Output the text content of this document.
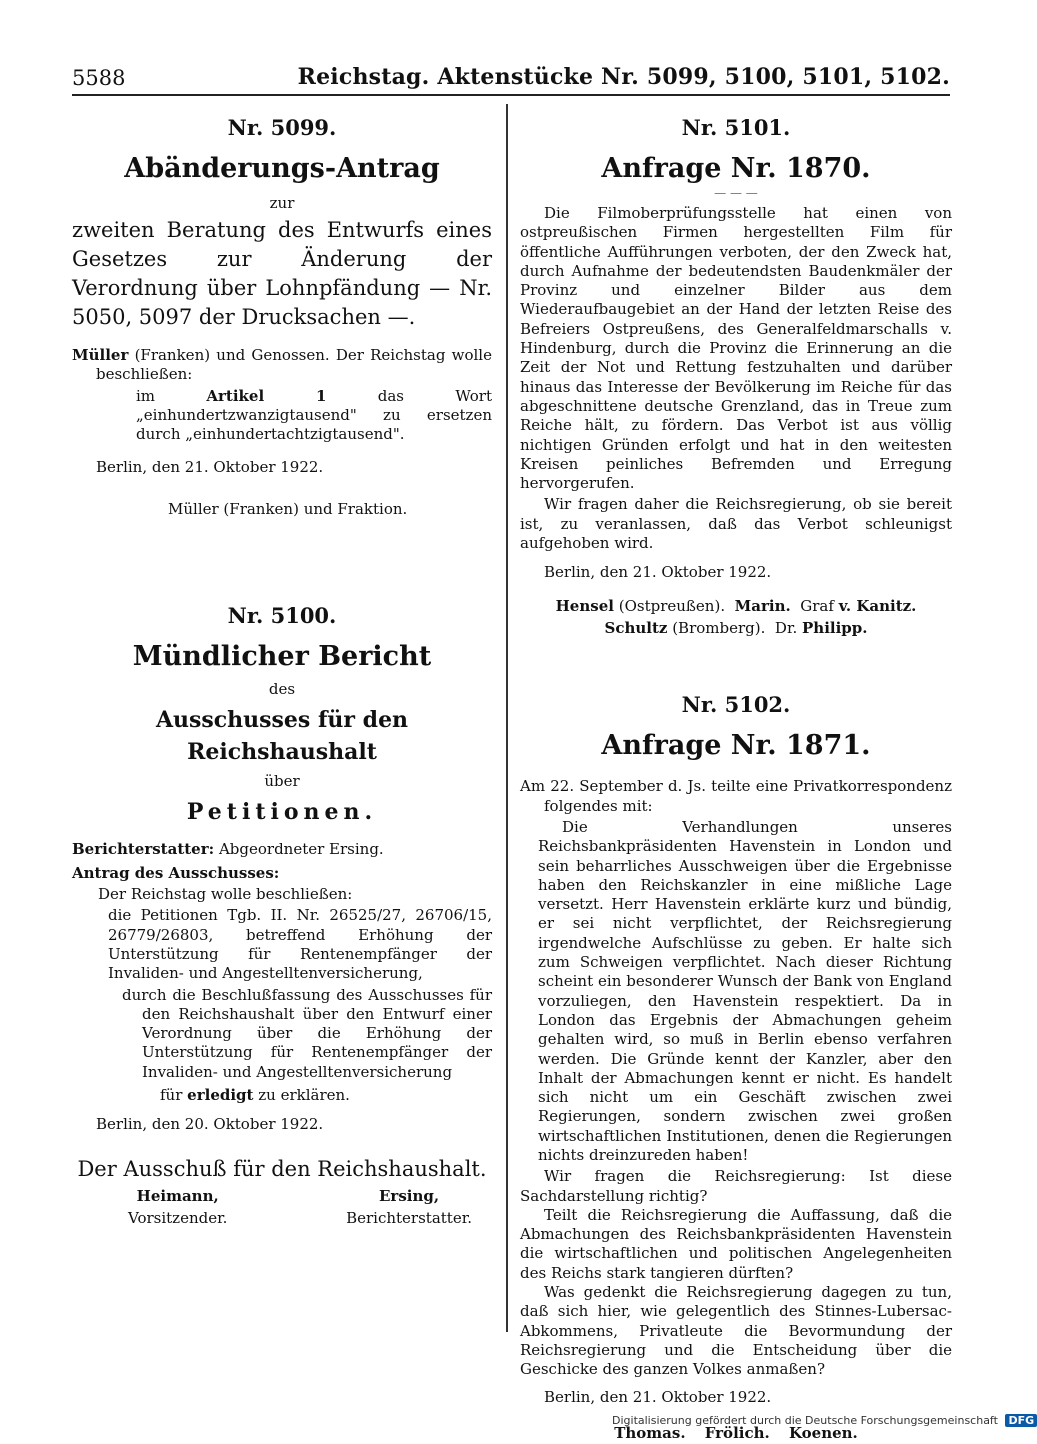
5588	Reichstag. Aktenstücke Nr. 5099, 5100, 5101, 5102.
Nr. 5099.
Abänderungs-Antrag
zur
zweiten Beratung des Entwurfs eines Gesetzes zur Änderung der Verordnung über Lohnpfändung — Nr. 5050, 5097 der Drucksachen —.

Müller (Franken) und Genossen. Der Reichstag wolle beschließen:

im	Artikel 1	das Wort „einhundertzwanzigtausend" zu ersetzen durch „einhundertachtzigtausend".

Berlin, den 21. Oktober 1922.
Müller (Franken) und Fraktion.
Nr. 5100.
Mündlicher Bericht
des
Ausschusses für den Reichshaushalt
über
Petitionen.

Berichterstatter: Abgeordneter Ersing.

Antrag des Ausschusses:

Der Reichstag wolle beschließen:

die Petitionen Tgb. II. Nr. 26525/27, 26706/15, 26779/26803, betreffend Erhöhung der Unterstützung für Rentenempfänger der Invaliden- und Angestelltenversicherung,

durch die Beschlußfassung des Ausschusses für den Reichshaushalt über den Entwurf einer Verordnung über die Erhöhung der Unterstützung für Rentenempfänger der Invaliden- und Angestelltenversicherung

für erledigt zu erklären.

Berlin, den 20. Oktober 1922.
Der Ausschuß für den Reichshaushalt.
Heimann,
Vorsitzender.
Ersing,
Berichterstatter.
Nr. 5101.
Anfrage Nr. 1870.
— — —

Die Filmoberprüfungsstelle hat einen von ostpreußischen Firmen hergestellten Film für öffentliche Aufführungen verboten, der den Zweck hat, durch Aufnahme der bedeutendsten Baudenkmäler der Provinz und einzelner Bilder aus dem Wiederaufbaugebiet an der Hand der letzten Reise des Befreiers Ostpreußens, des Generalfeldmarschalls v. Hindenburg, durch die Provinz die Erinnerung an die Zeit der Not und Rettung festzuhalten und darüber hinaus das Interesse der Bevölkerung im Reiche für das abgeschnittene deutsche Grenzland, das in Treue zum Reiche hält, zu fördern. Das Verbot ist aus völlig nichtigen Gründen erfolgt und hat in den weitesten Kreisen peinliches Befremden und Erregung hervorgerufen.

Wir fragen daher die Reichsregierung, ob sie bereit ist, zu veranlassen, daß das Verbot schleunigst aufgehoben wird.

Berlin, den 21. Oktober 1922.
Hensel (Ostpreußen). Marin. Graf v. Kanitz.
Schultz (Bromberg). Dr. Philipp.
Nr. 5102.
Anfrage Nr. 1871.

Am 22. September d. Js. teilte eine Privatkorrespondenz folgendes mit:

Die Verhandlungen unseres Reichsbankpräsidenten Havenstein in London und sein beharrliches Ausschweigen über die Ergebnisse haben den Reichskanzler in eine mißliche Lage versetzt. Herr Havenstein erklärte kurz und bündig, er sei nicht verpflichtet, der Reichsregierung irgendwelche Aufschlüsse zu geben. Er halte sich zum Schweigen verpflichtet. Nach dieser Richtung scheint ein besonderer Wunsch der Bank von England vorzuliegen, den Havenstein respektiert. Da in London das Ergebnis der Abmachungen geheim gehalten wird, so muß in Berlin ebenso verfahren werden. Die Gründe kennt der Kanzler, aber den Inhalt der Abmachungen kennt er nicht. Es handelt sich nicht um ein Geschäft zwischen zwei Regierungen, sondern zwischen zwei großen wirtschaftlichen Institutionen, denen die Regierungen nichts dreinzureden haben!

Wir fragen die Reichsregierung: Ist diese Sachdarstellung richtig?

Teilt die Reichsregierung die Auffassung, daß die Abmachungen des Reichsbankpräsidenten Havenstein die wirtschaftlichen und politischen Angelegenheiten des Reichs stark tangieren dürften?

Was gedenkt die Reichsregierung dagegen zu tun, daß sich hier, wie gelegentlich des Stinnes-Lubersac-Abkommens, Privatleute die Bevormundung der Reichsregierung und die Entscheidung über die Geschicke des ganzen Volkes anmaßen?

Berlin, den 21. Oktober 1922.
Thomas. Frölich. Koenen.
Digitalisierung gefördert durch die Deutsche Forschungsgemeinschaft DFG
